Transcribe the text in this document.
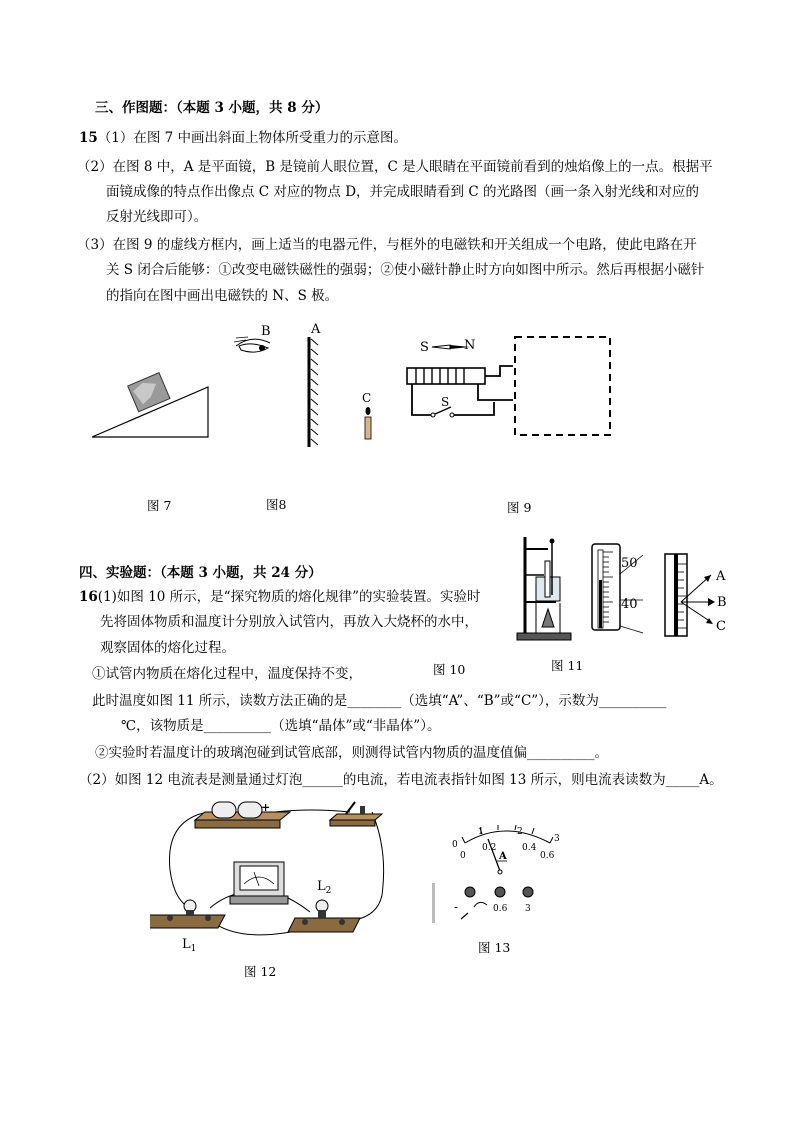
三、作图题：（本题 3 小题，共 8 分）
15（1）在图 7 中画出斜面上物体所受重力的示意图。
（2）在图 8 中，A 是平面镜，B 是镜前人眼位置，C 是人眼睛在平面镜前看到的烛焰像上的一点。根据平
面镜成像的特点作出像点 C 对应的物点 D，并完成眼睛看到 C 的光路图（画一条入射光线和对应的
反射光线即可）。
（3）在图 9 的虚线方框内，画上适当的电器元件，与框外的电磁铁和开关组成一个电路，使此电路在开
关 S 闭合后能够：①改变电磁铁磁性的强弱；②使小磁针静止时方向如图中所示。然后再根据小磁针
的指向在图中画出电磁铁的 N、S 极。
B	A
C
S	N
S
图 7	图8	图 9
四、实验题：（本题 3 小题，共 24 分）
16(1)如图 10 所示，是“探究物质的熔化规律”的实验装置。实验时
先将固体物质和温度计分别放入试管内，再放入大烧杯的水中，
观察固体的熔化过程。
①试管内物质在熔化过程中，温度保持不变，
此时温度如图 11 所示，读数方法正确的是________（选填“A”、“B”或“C”），示数为__________
℃，该物质是__________（选填“晶体”或“非晶体”）。
②实验时若温度计的玻璃泡碰到试管底部，则测得试管内物质的温度值偏__________。
（2）如图 12 电流表是测量通过灯泡______的电流，若电流表指针如图 13 所示，则电流表读数为_____A。
图 10
50
40
A
B
C
图 11
+
$L_2$
$L_1$
图 12
0
1	2
3
0
0.2	0.4
0.6
A
-	0.6 3
图 13
